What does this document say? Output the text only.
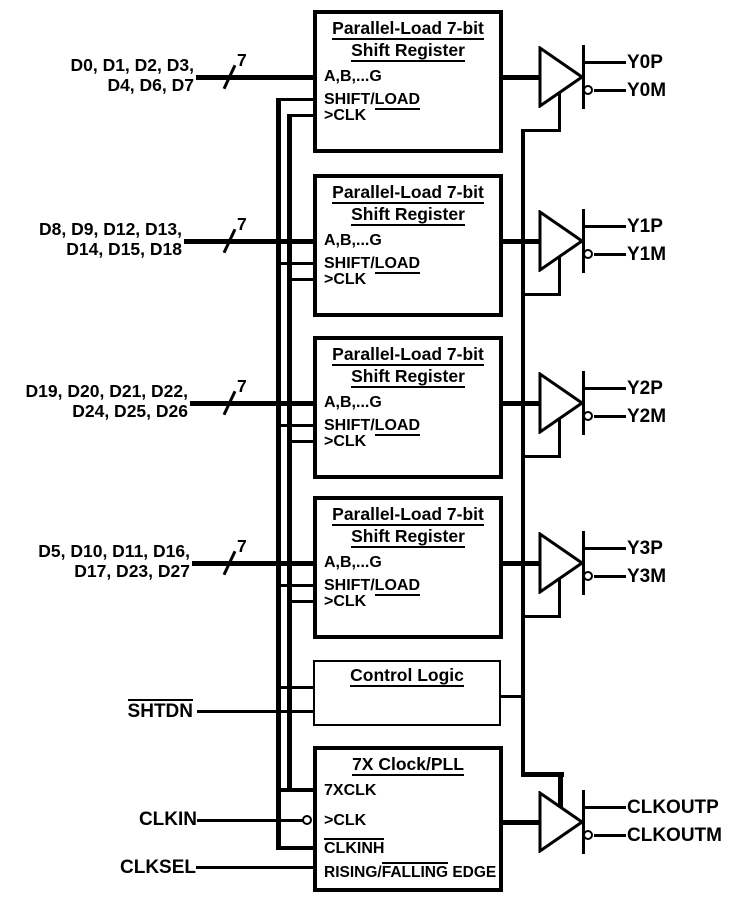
D0, D1, D2, D3,
D4, D6, D7
7
Parallel-Load 7-bit
Shift Register
A,B,...G
SHIFT/LOAD
>CLK
Y0P
Y0M
D8, D9, D12, D13,
D14, D15, D18
7
Parallel-Load 7-bit
Shift Register
A,B,...G
SHIFT/LOAD
>CLK
Y1P
Y1M
D19, D20, D21, D22,
D24, D25, D26
7
Parallel-Load 7-bit
Shift Register
A,B,...G
SHIFT/LOAD
>CLK
Y2P
Y2M
D5, D10, D11, D16,
D17, D23, D27
7
Parallel-Load 7-bit
Shift Register
A,B,...G
SHIFT/LOAD
>CLK
Y3P
Y3M
SHTDN
Control Logic
CLKIN
CLKSEL
7X Clock/PLL
7XCLK
>CLK
CLKINH
RISING/FALLING EDGE
CLKOUTP
CLKOUTM
